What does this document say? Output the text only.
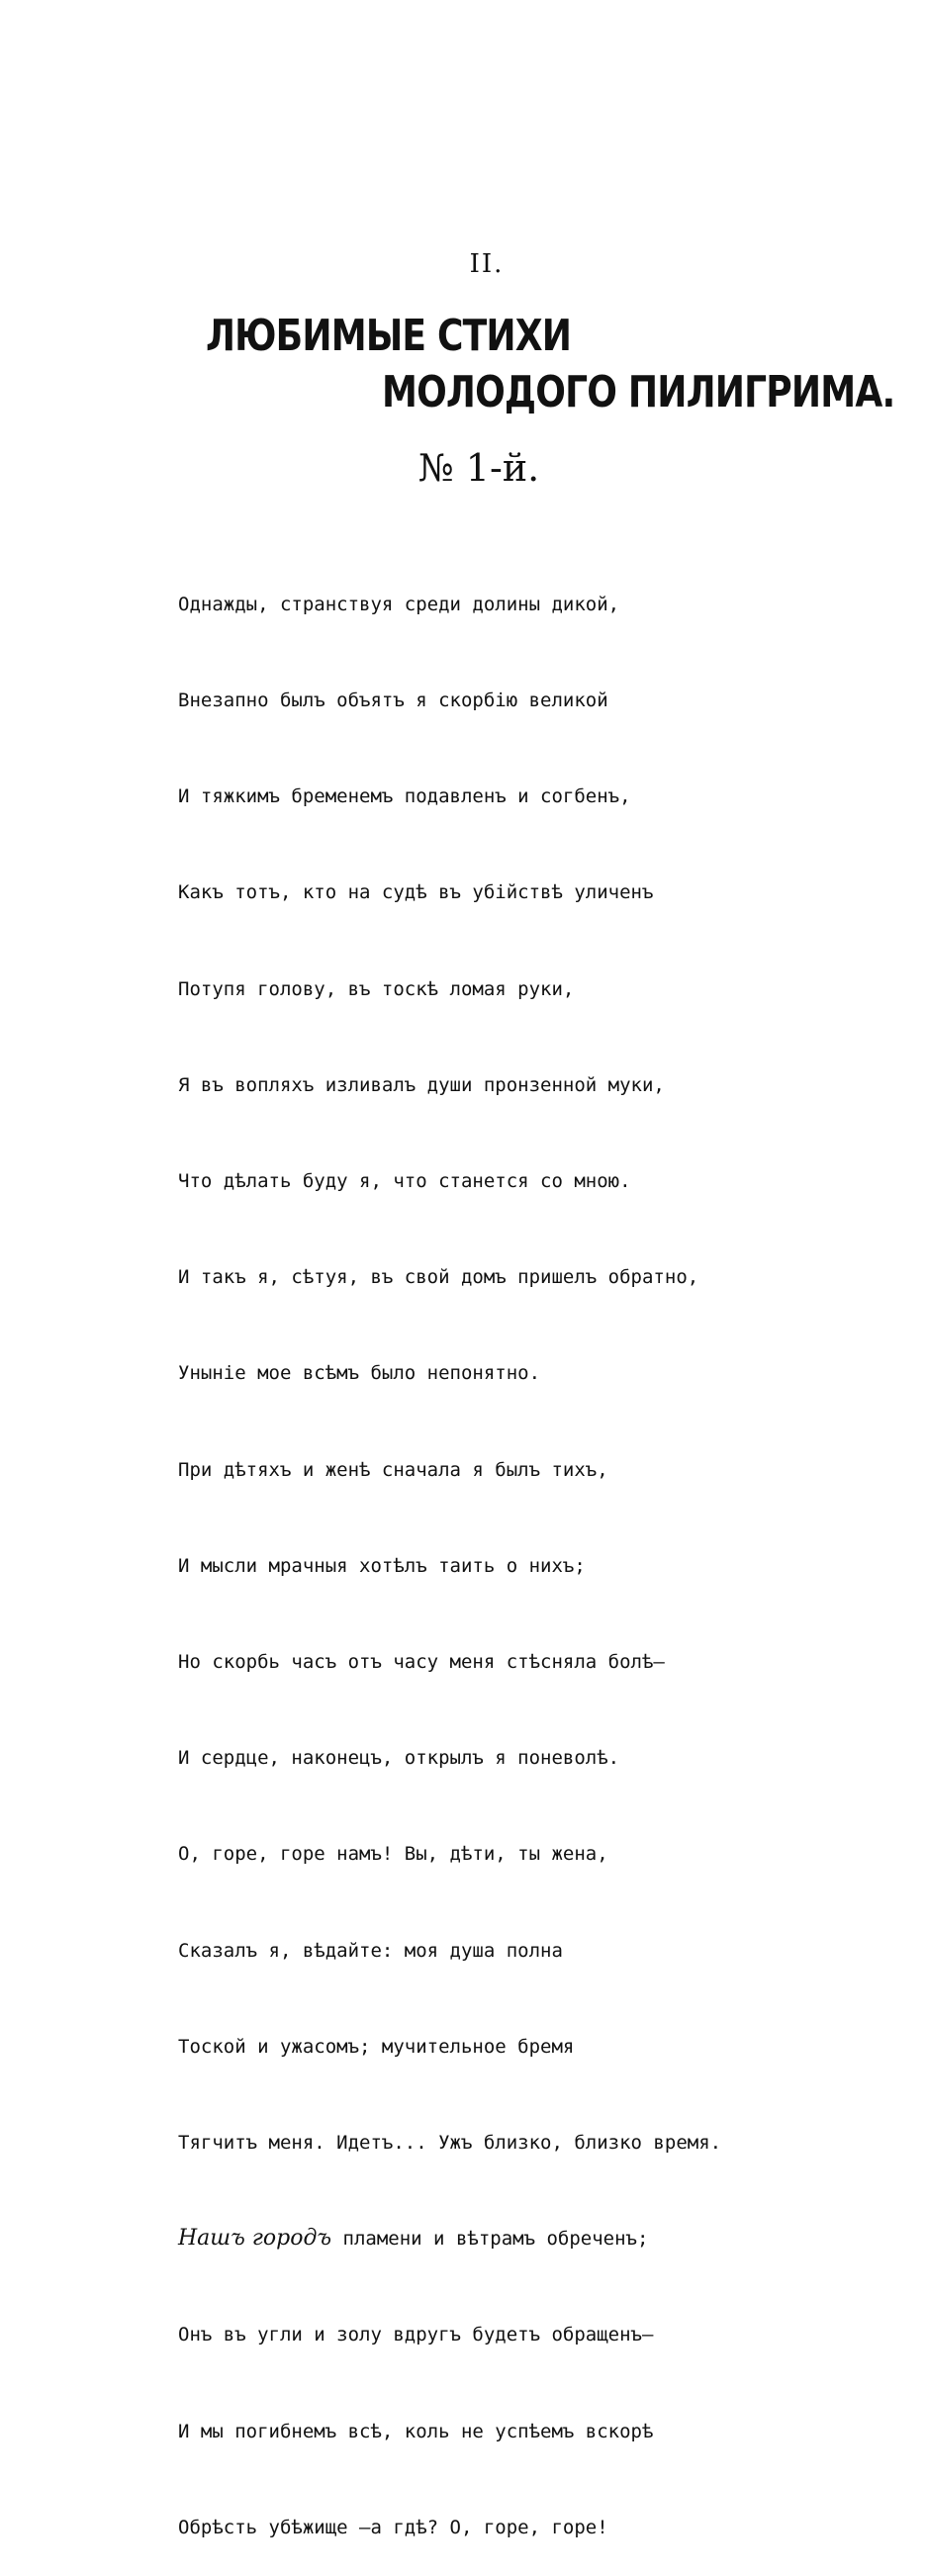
II.
ЛЮБИМЫЕ СТИХИ
МОЛОДОГО ПИЛИГРИМА.
№ 1-й.

Однажды, странствуя среди долины дикой,

Внезапно былъ объятъ я скорбію великой

И тяжкимъ бременемъ подавленъ и согбенъ,

Какъ тотъ, кто на судѣ въ убійствѣ уличенъ

Потупя голову, въ тоскѣ ломая руки,

Я въ вопляхъ изливалъ души пронзенной муки,

Что дѣлать буду я, что станется со мною.

И такъ я, сѣтуя, въ свой домъ пришелъ обратно,

Унынiе мое всѣмъ было непонятно.

При дѣтяхъ и женѣ сначала я былъ тихъ,

И мысли мрачныя хотѣлъ таить о нихъ;

Но скорбь часъ отъ часу меня стѣсняла болѣ—

И сердце, наконецъ, открылъ я поневолѣ.

О, горе, горе намъ! Вы, дѣти, ты жена,

Сказалъ я, вѣдайте: моя душа полна

Тоской и ужасомъ; мучительное бремя

Тягчитъ меня. Идетъ... Ужъ близко, близко время.

Нашъ городъ пламени и вѣтрамъ обреченъ;

Онъ въ угли и золу вдругъ будетъ обращенъ—

И мы погибнемъ всѣ, коль не успѣемъ вскорѣ

Обрѣсть убѣжище —а гдѣ? О, горе, горе!
